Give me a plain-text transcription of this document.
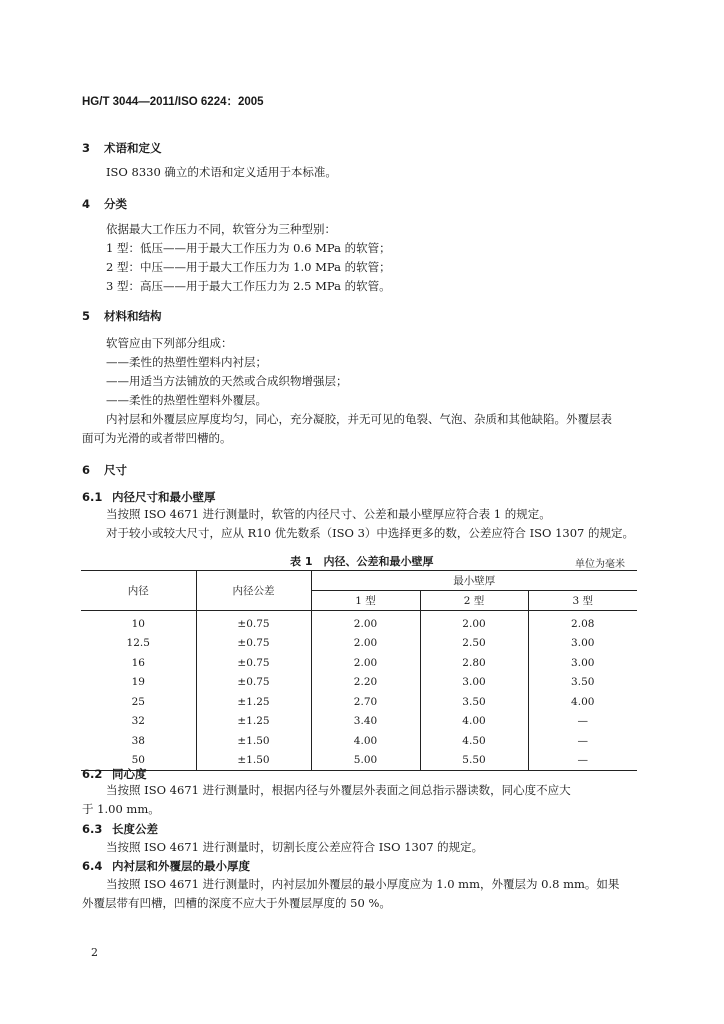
HG/T 3044—2011/ISO 6224：2005
3 术语和定义
ISO 8330 确立的术语和定义适用于本标准。
4 分类
依据最大工作压力不同，软管分为三种型别：
1 型：低压——用于最大工作压力为 0.6 MPa 的软管；
2 型：中压——用于最大工作压力为 1.0 MPa 的软管；
3 型：高压——用于最大工作压力为 2.5 MPa 的软管。
5 材料和结构
软管应由下列部分组成：
——柔性的热塑性塑料内衬层；
——用适当方法铺放的天然或合成织物增强层；
——柔性的热塑性塑料外覆层。
内衬层和外覆层应厚度均匀，同心，充分凝胶，并无可见的龟裂、气泡、杂质和其他缺陷。外覆层表
面可为光滑的或者带凹槽的。
6 尺寸
6.1 内径尺寸和最小壁厚
当按照 ISO 4671 进行测量时，软管的内径尺寸、公差和最小壁厚应符合表 1 的规定。
对于较小或较大尺寸，应从 R10 优先数系（ISO 3）中选择更多的数，公差应符合 ISO 1307 的规定。
表 1　内径、公差和最小壁厚	单位为毫米
内径	内径公差	最小壁厚		
		1 型	2 型	3 型
10	±0.75	2.00	2.00	2.08
12.5	±0.75	2.00	2.50	3.00
16	±0.75	2.00	2.80	3.00
19	±0.75	2.20	3.00	3.50
25	±1.25	2.70	3.50	4.00
32	±1.25	3.40	4.00	—
38	±1.50	4.00	4.50	—
50	±1.50	5.00	5.50	—
6.2 同心度
当按照 ISO 4671 进行测量时，根据内径与外覆层外表面之间总指示器读数，同心度不应大
于 1.00 mm。
6.3 长度公差
当按照 ISO 4671 进行测量时，切割长度公差应符合 ISO 1307 的规定。
6.4 内衬层和外覆层的最小厚度
当按照 ISO 4671 进行测量时，内衬层加外覆层的最小厚度应为 1.0 mm，外覆层为 0.8 mm。如果
外覆层带有凹槽，凹槽的深度不应大于外覆层厚度的 50 %。
2
